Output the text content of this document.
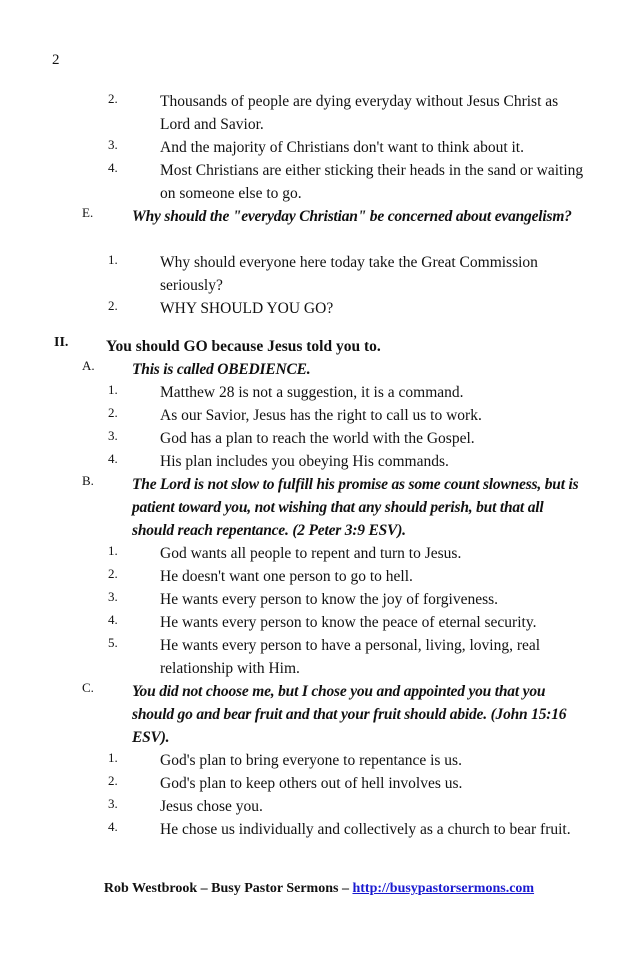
2
2.	Thousands of people are dying everyday without Jesus Christ as Lord and Savior.
3.	And the majority of Christians don't want to think about it.
4.	Most Christians are either sticking their heads in the sand or waiting on someone else to go.
E.	Why should the "everyday Christian" be concerned about evangelism?
1.	Why should everyone here today take the Great Commission seriously?
2.	WHY SHOULD YOU GO?
II. You should GO because Jesus told you to.
A. This is called OBEDIENCE.
1.	Matthew 28 is not a suggestion, it is a command.
2.	As our Savior, Jesus has the right to call us to work.
3.	God has a plan to reach the world with the Gospel.
4.	His plan includes you obeying His commands.
B. The Lord is not slow to fulfill his promise as some count slowness, but is patient toward you, not wishing that any should perish, but that all should reach repentance. (2 Peter 3:9 ESV).
1.	God wants all people to repent and turn to Jesus.
2.	He doesn't want one person to go to hell.
3.	He wants every person to know the joy of forgiveness.
4.	He wants every person to know the peace of eternal security.
5.	He wants every person to have a personal, living, loving, real relationship with Him.
C. You did not choose me, but I chose you and appointed you that you should go and bear fruit and that your fruit should abide. (John 15:16 ESV).
1.	God's plan to bring everyone to repentance is us.
2.	God's plan to keep others out of hell involves us.
3.	Jesus chose you.
4.	He chose us individually and collectively as a church to bear fruit.
Rob Westbrook – Busy Pastor Sermons – http://busypastorsermons.com
